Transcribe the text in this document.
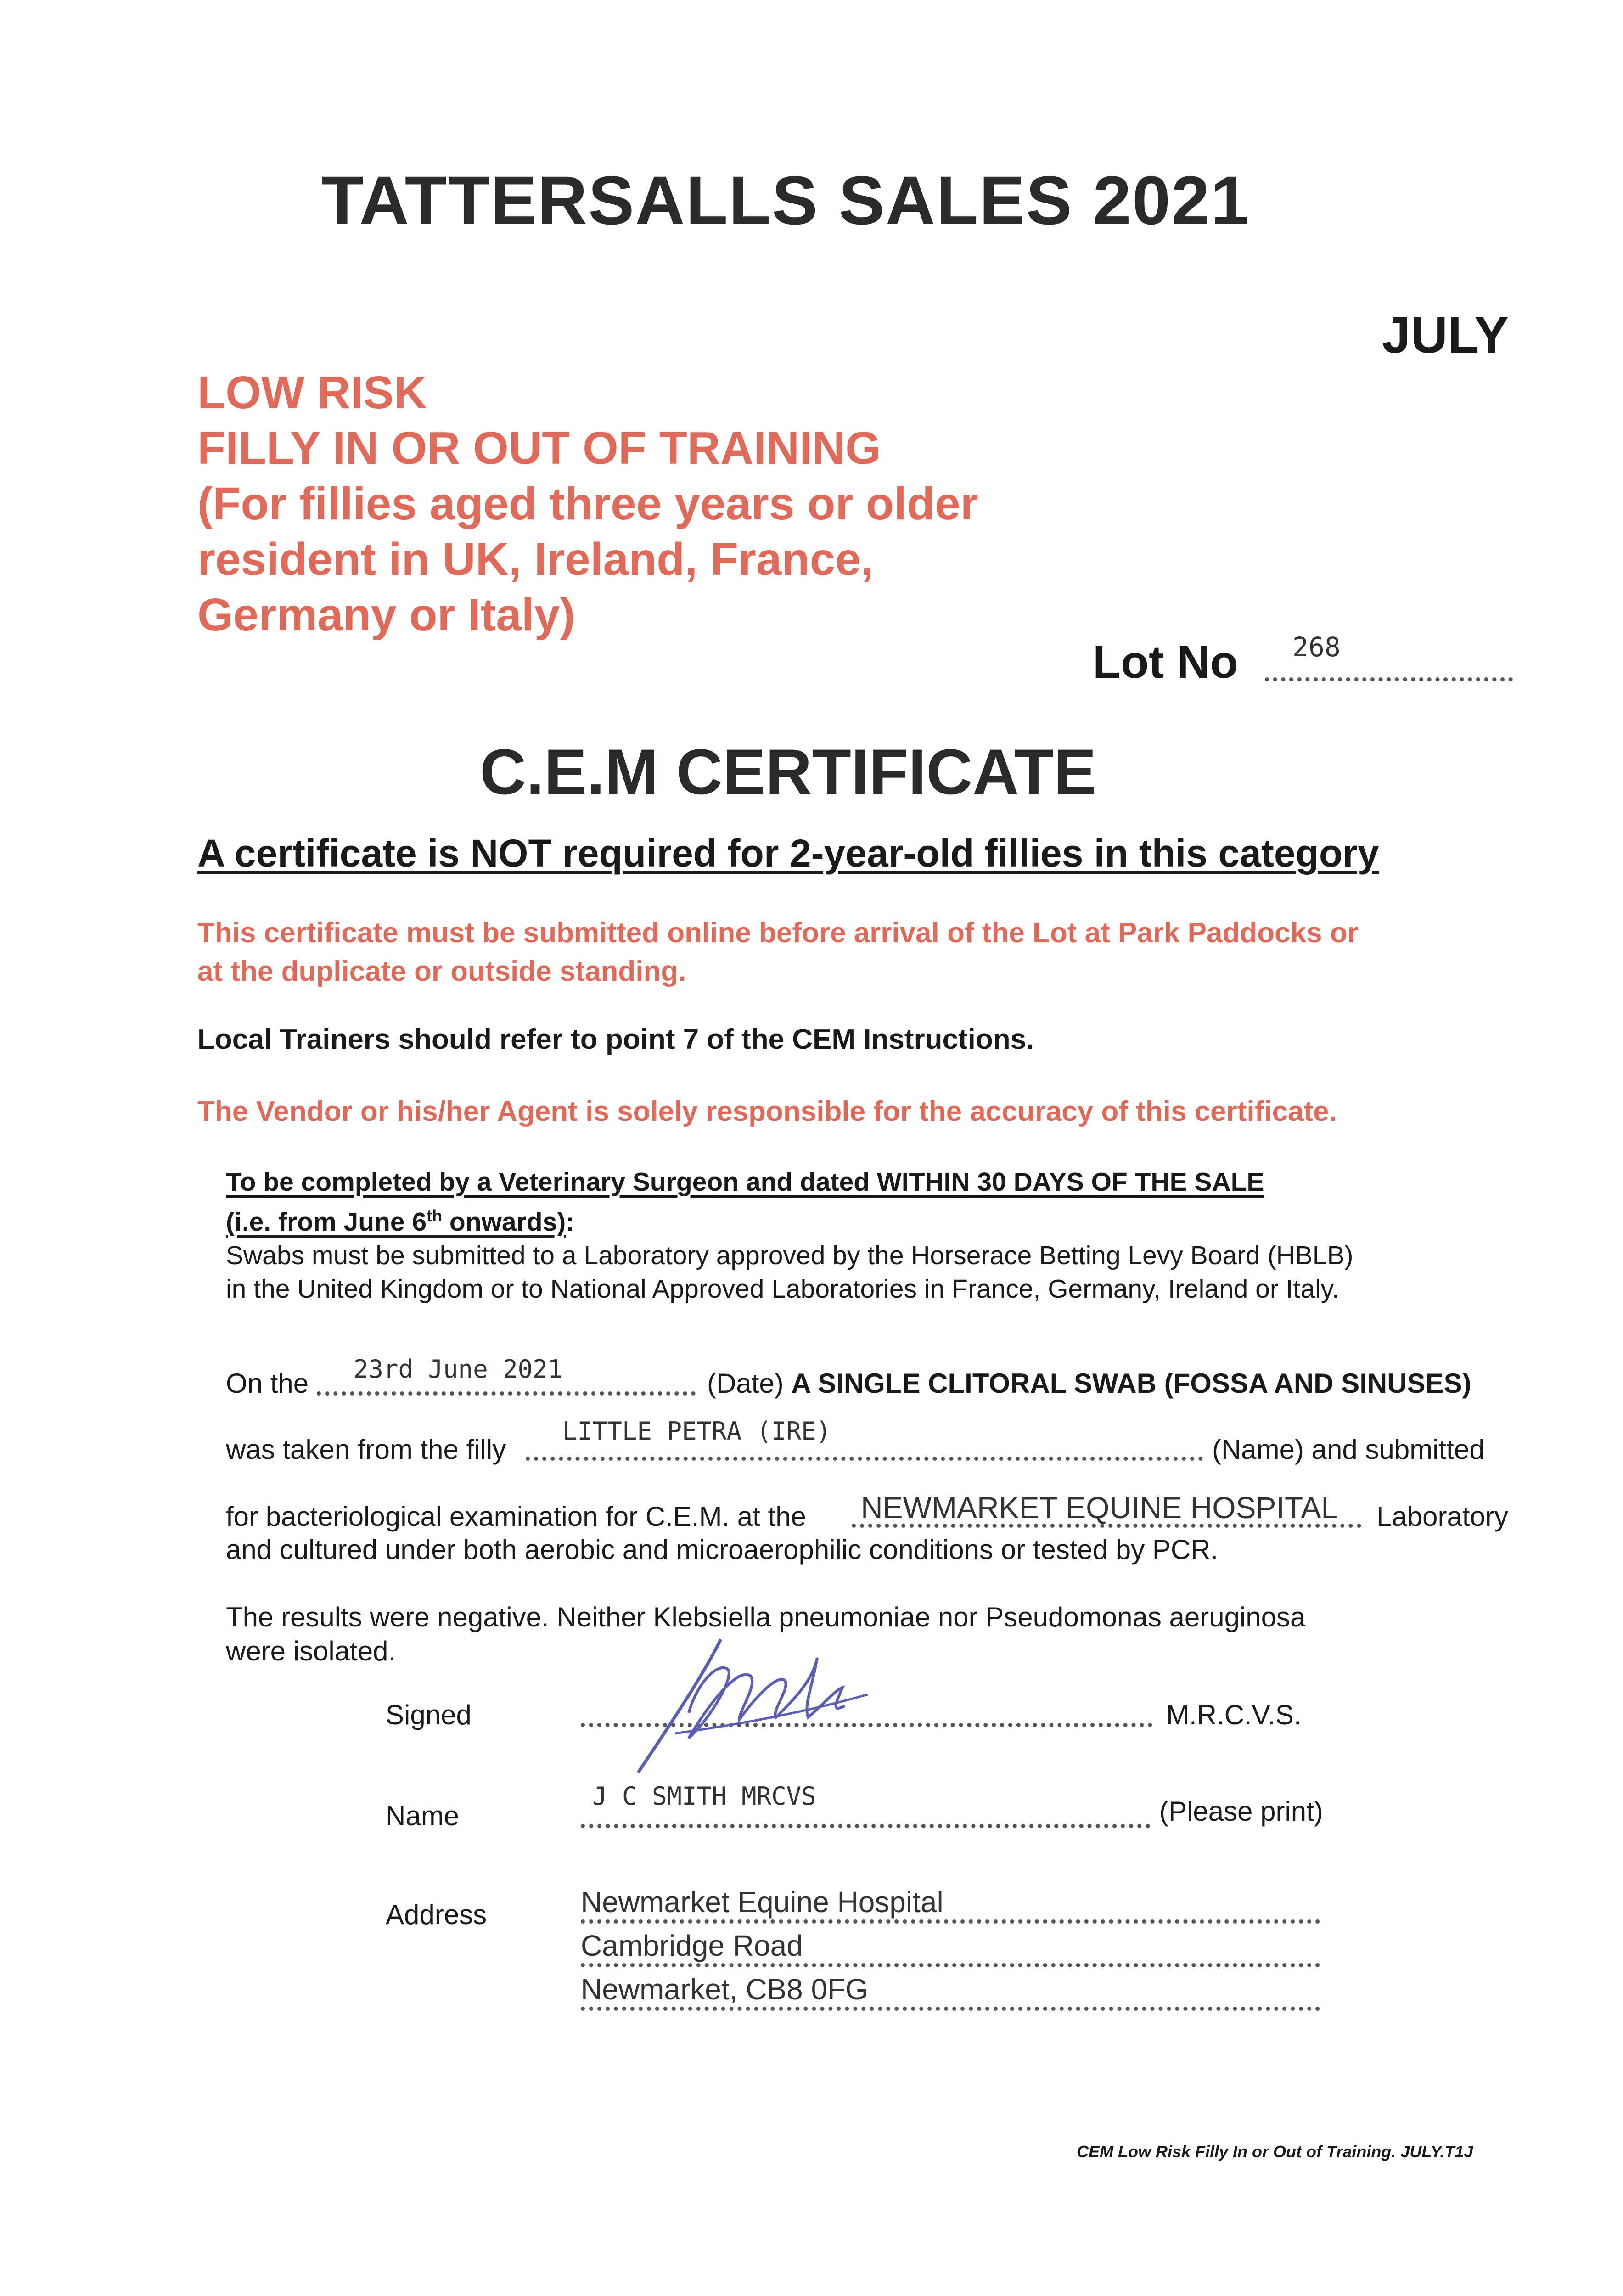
TATTERSALLS SALES 2021
JULY
LOW RISK
FILLY IN OR OUT OF TRAINING
(For fillies aged three years or older
resident in UK, Ireland, France,
Germany or Italy)
Lot No 268
C.E.M CERTIFICATE
A certificate is NOT required for 2-year-old fillies in this category
This certificate must be submitted online before arrival of the Lot at Park Paddocks or
at the duplicate or outside standing.
Local Trainers should refer to point 7 of the CEM Instructions.
The Vendor or his/her Agent is solely responsible for the accuracy of this certificate.
To be completed by a Veterinary Surgeon and dated WITHIN 30 DAYS OF THE SALE
(i.e. from June 6th onwards):
Swabs must be submitted to a Laboratory approved by the Horserace Betting Levy Board (HBLB)
in the United Kingdom or to National Approved Laboratories in France, Germany, Ireland or Italy.
On the 23rd June 2021	(Date) A SINGLE CLITORAL SWAB (FOSSA AND SINUSES)
was taken from the filly
LITTLE PETRA (IRE)
(Name) and submitted
for bacteriological examination for C.E.M. at the NEWMARKET EQUINE HOSPITAL Laboratory
and cultured under both aerobic and microaerophilic conditions or tested by PCR.
The results were negative. Neither Klebsiella pneumoniae nor Pseudomonas aeruginosa
were isolated.
Signed	M.R.C.V.S.
Name
J C SMITH MRCVS	(Please print)
Address	Newmarket Equine Hospital
Cambridge Road
Newmarket, CB8 0FG
CEM Low Risk Filly In or Out of Training. JULY.T1J
